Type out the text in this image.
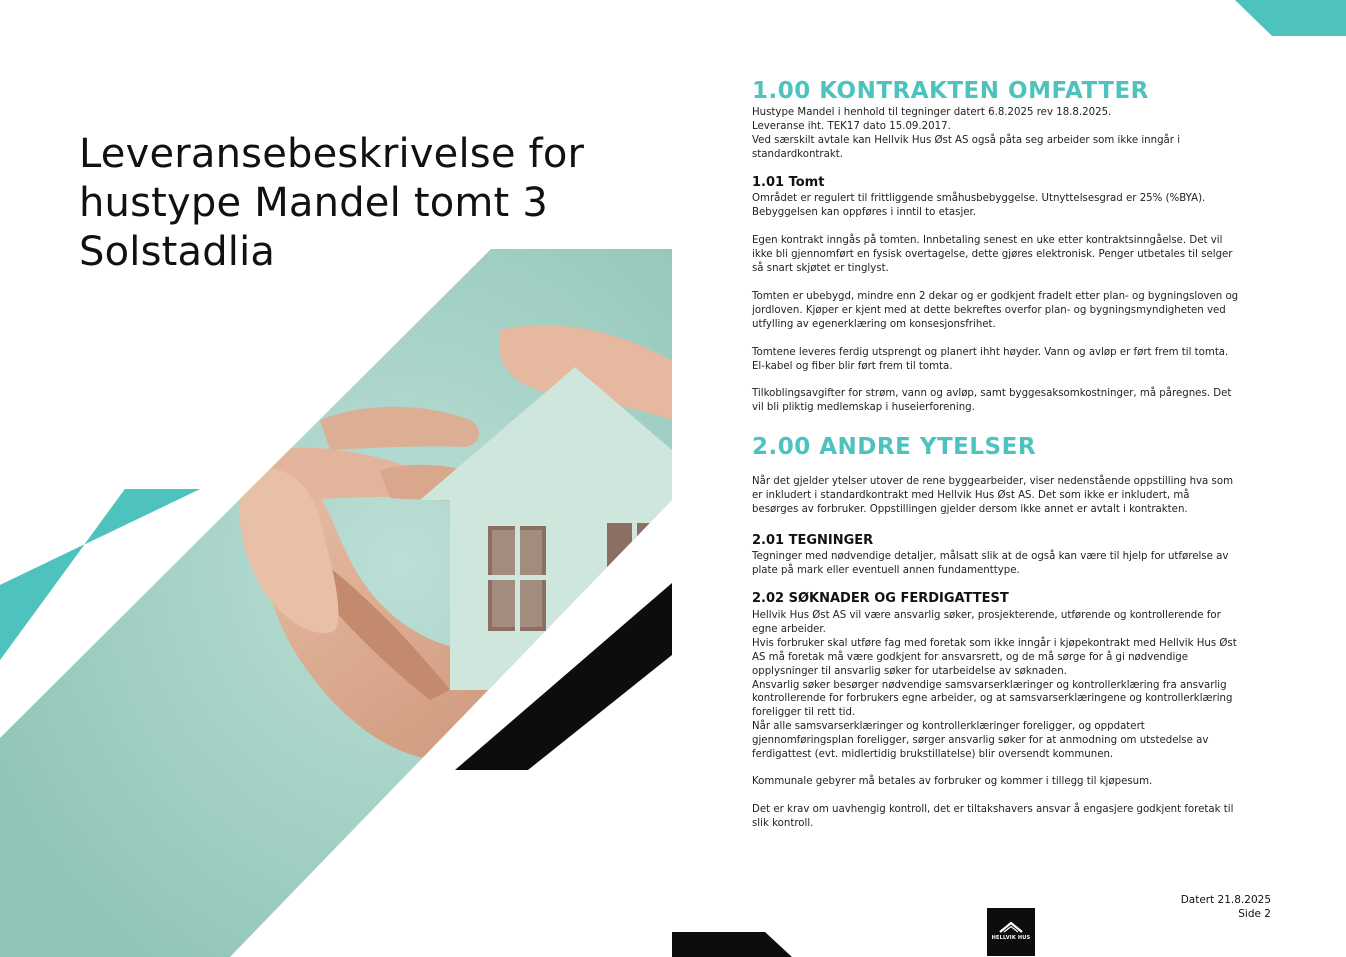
Leveransebeskrivelse for
hustype Mandel tomt 3
Solstadlia
1.00 KONTRAKTEN OMFATTER
Hustype Mandel i henhold til tegninger datert 6.8.2025 rev 18.8.2025.
Leveranse iht. TEK17 dato 15.09.2017.
Ved særskilt avtale kan Hellvik Hus Øst AS også påta seg arbeider som ikke inngår i
standardkontrakt.
1.01 Tomt
Området er regulert til frittliggende småhusbebyggelse. Utnyttelsesgrad er 25% (%BYA).
Bebyggelsen kan oppføres i inntil to etasjer.
Egen kontrakt inngås på tomten. Innbetaling senest en uke etter kontraktsinngåelse. Det vil
ikke bli gjennomført en fysisk overtagelse, dette gjøres elektronisk. Penger utbetales til selger
så snart skjøtet er tinglyst.
Tomten er ubebygd, mindre enn 2 dekar og er godkjent fradelt etter plan- og bygningsloven og
jordloven. Kjøper er kjent med at dette bekreftes overfor plan- og bygningsmyndigheten ved
utfylling av egenerklæring om konsesjonsfrihet.
Tomtene leveres ferdig utsprengt og planert ihht høyder. Vann og avløp er ført frem til tomta.
El-kabel og fiber blir ført frem til tomta.
Tilkoblingsavgifter for strøm, vann og avløp, samt byggesaksomkostninger, må påregnes. Det
vil bli pliktig medlemskap i huseierforening.
2.00 ANDRE YTELSER
Når det gjelder ytelser utover de rene byggearbeider, viser nedenstående oppstilling hva som
er inkludert i standardkontrakt med Hellvik Hus Øst AS. Det som ikke er inkludert, må
besørges av forbruker. Oppstillingen gjelder dersom ikke annet er avtalt i kontrakten.
2.01 TEGNINGER
Tegninger med nødvendige detaljer, målsatt slik at de også kan være til hjelp for utførelse av
plate på mark eller eventuell annen fundamenttype.
2.02 SØKNADER OG FERDIGATTEST
Hellvik Hus Øst AS vil være ansvarlig søker, prosjekterende, utførende og kontrollerende for
egne arbeider.
Hvis forbruker skal utføre fag med foretak som ikke inngår i kjøpekontrakt med Hellvik Hus Øst
AS må foretak må være godkjent for ansvarsrett, og de må sørge for å gi nødvendige
opplysninger til ansvarlig søker for utarbeidelse av søknaden.
Ansvarlig søker besørger nødvendige samsvarserklæringer og kontrollerklæring fra ansvarlig
kontrollerende for forbrukers egne arbeider, og at samsvarserklæringene og kontrollerklæring
foreligger til rett tid.
Når alle samsvarserklæringer og kontrollerklæringer foreligger, og oppdatert
gjennomføringsplan foreligger, sørger ansvarlig søker for at anmodning om utstedelse av
ferdigattest (evt. midlertidig brukstillatelse) blir oversendt kommunen.
Kommunale gebyrer må betales av forbruker og kommer i tillegg til kjøpesum.
Det er krav om uavhengig kontroll, det er tiltakshavers ansvar å engasjere godkjent foretak til
slik kontroll.
Datert 21.8.2025
Side 2
HELLVIK HUS
